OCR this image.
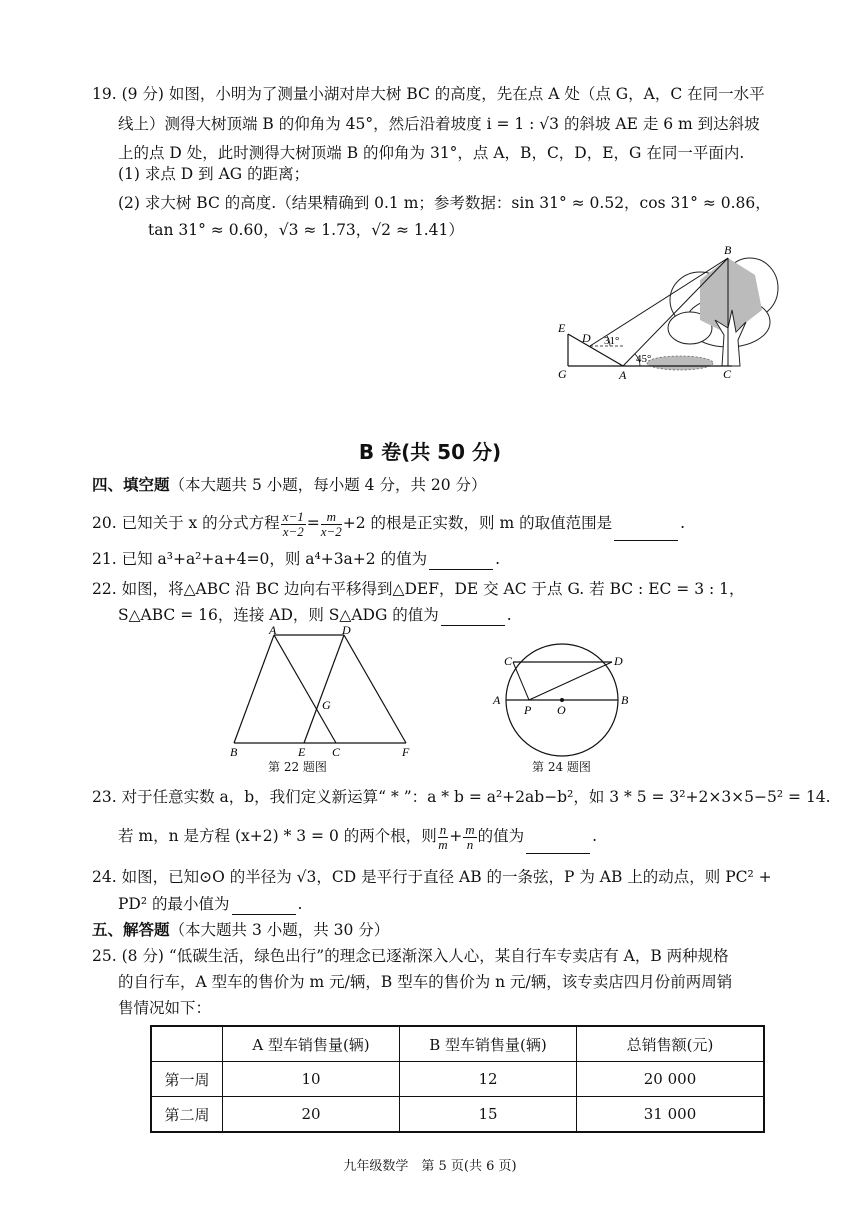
19. (9 分) 如图，小明为了测量小湖对岸大树 BC 的高度，先在点 A 处（点 G，A，C 在同一水平
线上）测得大树顶端 B 的仰角为 45°，然后沿着坡度 i = 1 : √3 的斜坡 AE 走 6 m 到达斜坡
上的点 D 处，此时测得大树顶端 B 的仰角为 31°，点 A，B，C，D，E，G 在同一平面内.
(1) 求点 D 到 AG 的距离；
(2) 求大树 BC 的高度.（结果精确到 0.1 m；参考数据：sin 31° ≈ 0.52，cos 31° ≈ 0.86，
tan 31° ≈ 0.60，√3 ≈ 1.73，√2 ≈ 1.41）
B
E
D
G	A	C
31°
45°
B 卷(共 50 分)
四、填空题（本大题共 5 小题，每小题 4 分，共 20 分）
20. 已知关于 x 的分式方程 $\frac{x-1}{x-2} = \frac{m}{x-2} +2$ 的根是正实数，则 m 的取值范围是	.
21. 已知 a³+a²+a+4=0，则 a⁴+3a+2 的值为	.
22. 如图，将△ABC 沿 BC 边向右平移得到△DEF，DE 交 AC 于点 G. 若 BC : EC = 3 : 1，
S△ABC = 16，连接 AD，则 S△ADG 的值为	.
A	D
G
B	E C	F
第 22 题图
C	D
A
P O
B
第 24 题图
23. 对于任意实数 a，b，我们定义新运算“ * ”：a * b = a²+2ab−b²，如 3 * 5 = 3²+2×3×5−5² = 14.
若 m，n 是方程 (x+2) * 3 = 0 的两个根，则 $\frac{n}{m} + \frac{m}{n}$ 的值为	.
24. 如图，已知⊙O 的半径为 √3，CD 是平行于直径 AB 的一条弦，P 为 AB 上的动点，则 PC² +
PD² 的最小值为	.
五、解答题（本大题共 3 小题，共 30 分）
25. (8 分) “低碳生活，绿色出行”的理念已逐渐深入人心，某自行车专卖店有 A，B 两种规格
的自行车，A 型车的售价为 m 元/辆，B 型车的售价为 n 元/辆，该专卖店四月份前两周销
售情况如下：
	A 型车销售量(辆)	B 型车销售量(辆)	总销售额(元)
第一周	10	12	20 000
第二周	20	15	31 000
九年级数学　第 5 页(共 6 页)
